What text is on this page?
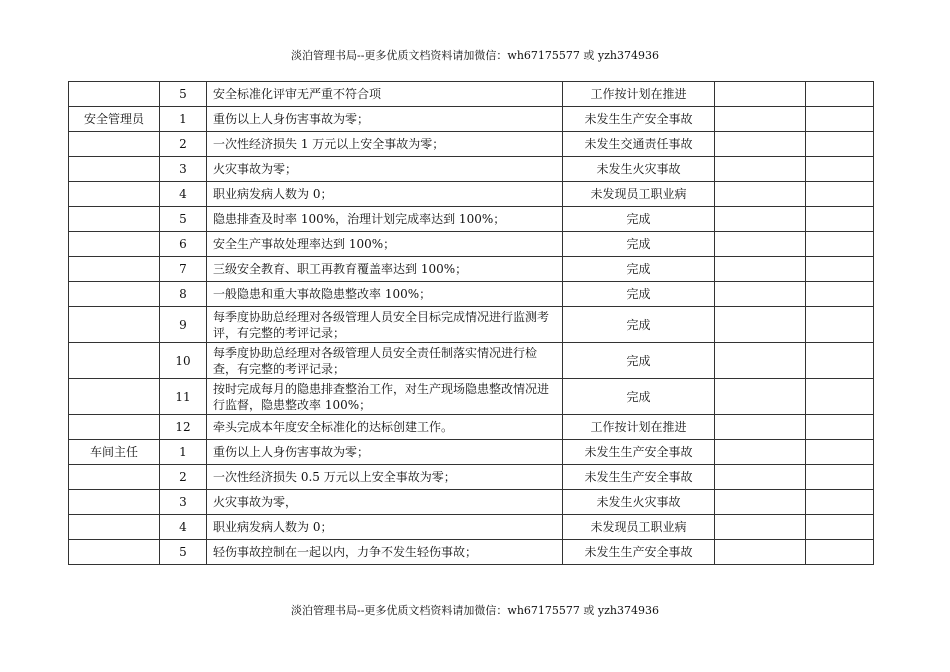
淡泊管理书局--更多优质文档资料请加微信：wh67175577 或 yzh374936
	5	安全标准化评审无严重不符合项	工作按计划在推进		
安全管理员	1	重伤以上人身伤害事故为零；	未发生生产安全事故		
	2	一次性经济损失 1 万元以上安全事故为零；	未发生交通责任事故		
	3	火灾事故为零；	未发生火灾事故		
	4	职业病发病人数为 0；	未发现员工职业病		
	5	隐患排查及时率 100%，治理计划完成率达到 100%；	完成		
	6	安全生产事故处理率达到 100%；	完成		
	7	三级安全教育、职工再教育覆盖率达到 100%；	完成		
	8	一般隐患和重大事故隐患整改率 100%；	完成		
	9	每季度协助总经理对各级管理人员安全目标完成情况进行监测考评，有完整的考评记录；	完成		
	10	每季度协助总经理对各级管理人员安全责任制落实情况进行检查，有完整的考评记录；	完成		
	11	按时完成每月的隐患排查整治工作，对生产现场隐患整改情况进行监督，隐患整改率 100%；	完成		
	12	牵头完成本年度安全标准化的达标创建工作。	工作按计划在推进		
车间主任	1	重伤以上人身伤害事故为零；	未发生生产安全事故		
	2	一次性经济损失 0.5 万元以上安全事故为零；	未发生生产安全事故		
	3	火灾事故为零，	未发生火灾事故		
	4	职业病发病人数为 0；	未发现员工职业病		
	5	轻伤事故控制在一起以内，力争不发生轻伤事故；	未发生生产安全事故		
淡泊管理书局--更多优质文档资料请加微信：wh67175577 或 yzh374936
